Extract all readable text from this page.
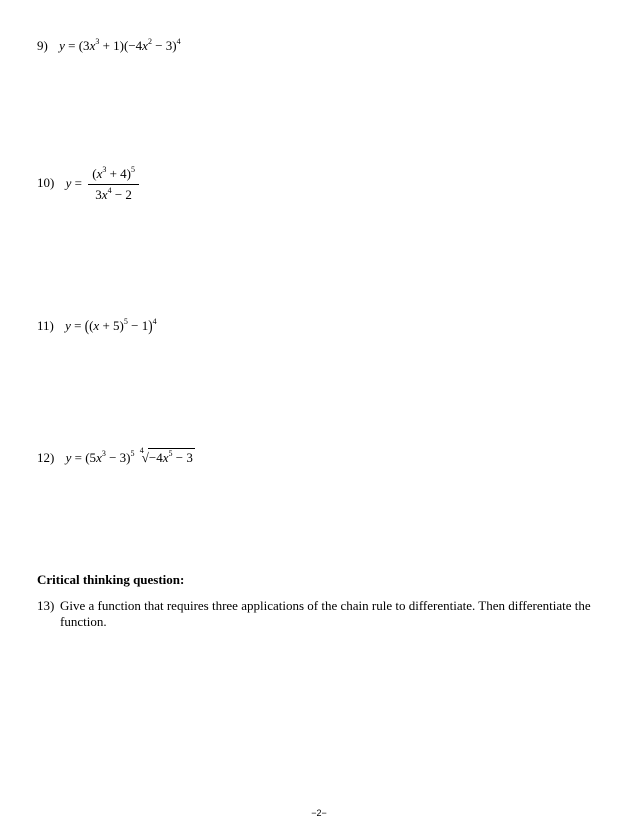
9) $y = (3x^3 + 1)(-4x^2 - 3)^4$
10) $y = \frac{(x^3 + 4)^5}{3x^4 - 2}$
11) $y = ((x + 5)^5 - 1)^4$
12) $y = (5x^3 - 3)^5$ 4
$√-4x^5 - 3$
Critical thinking question:
13) Give a function that requires three applications of the chain rule to differentiate. Then differentiate the function.
−2−
